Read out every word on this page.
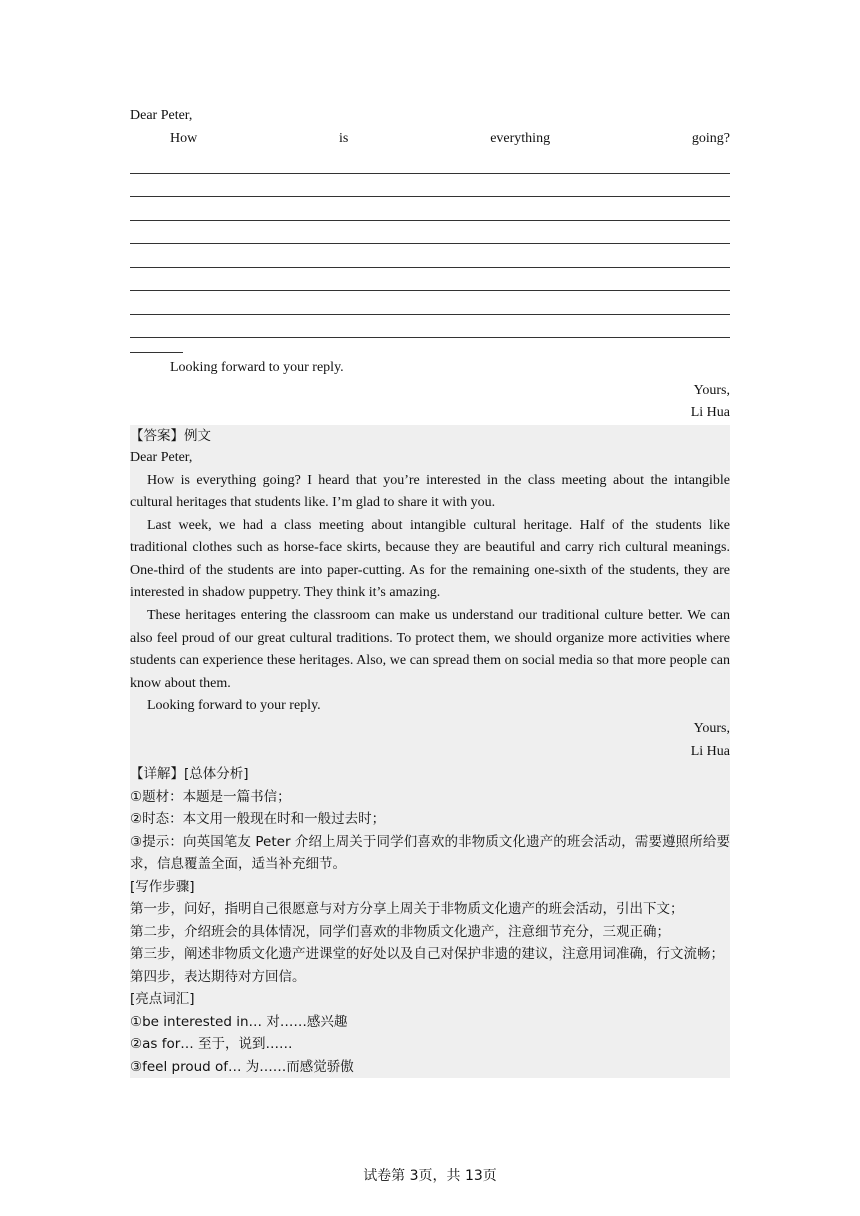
Dear Peter,
How	is	everything	going?
Looking forward to your reply.
Yours,
Li Hua

【答案】例文

Dear Peter,

How is everything going? I heard that you’re interested in the class meeting about the intangible cultural heritages that students like. I’m glad to share it with you.

Last week, we had a class meeting about intangible cultural heritage. Half of the students like traditional clothes such as horse-face skirts, because they are beautiful and carry rich cultural meanings. One-third of the students are into paper-cutting. As for the remaining one-sixth of the students, they are interested in shadow puppetry. They think it’s amazing.

These heritages entering the classroom can make us understand our traditional culture better. We can also feel proud of our great cultural traditions. To protect them, we should organize more activities where students can experience these heritages. Also, we can spread them on social media so that more people can know about them.

Looking forward to your reply.

Yours,
Li Hua

【详解】[总体分析]

①题材：本题是一篇书信；

②时态：本文用一般现在时和一般过去时；

③提示：向英国笔友 Peter 介绍上周关于同学们喜欢的非物质文化遗产的班会活动，需要遵照所给要求，信息覆盖全面，适当补充细节。

[写作步骤]

第一步，问好，指明自己很愿意与对方分享上周关于非物质文化遗产的班会活动，引出下文；

第二步，介绍班会的具体情况，同学们喜欢的非物质文化遗产，注意细节充分，三观正确；

第三步，阐述非物质文化遗产进课堂的好处以及自己对保护非遗的建议，注意用词准确，行文流畅；

第四步，表达期待对方回信。

[亮点词汇]

①be interested in… 对……感兴趣

②as for… 至于，说到……

③feel proud of… 为……而感觉骄傲

试卷第 3页，共 13页
